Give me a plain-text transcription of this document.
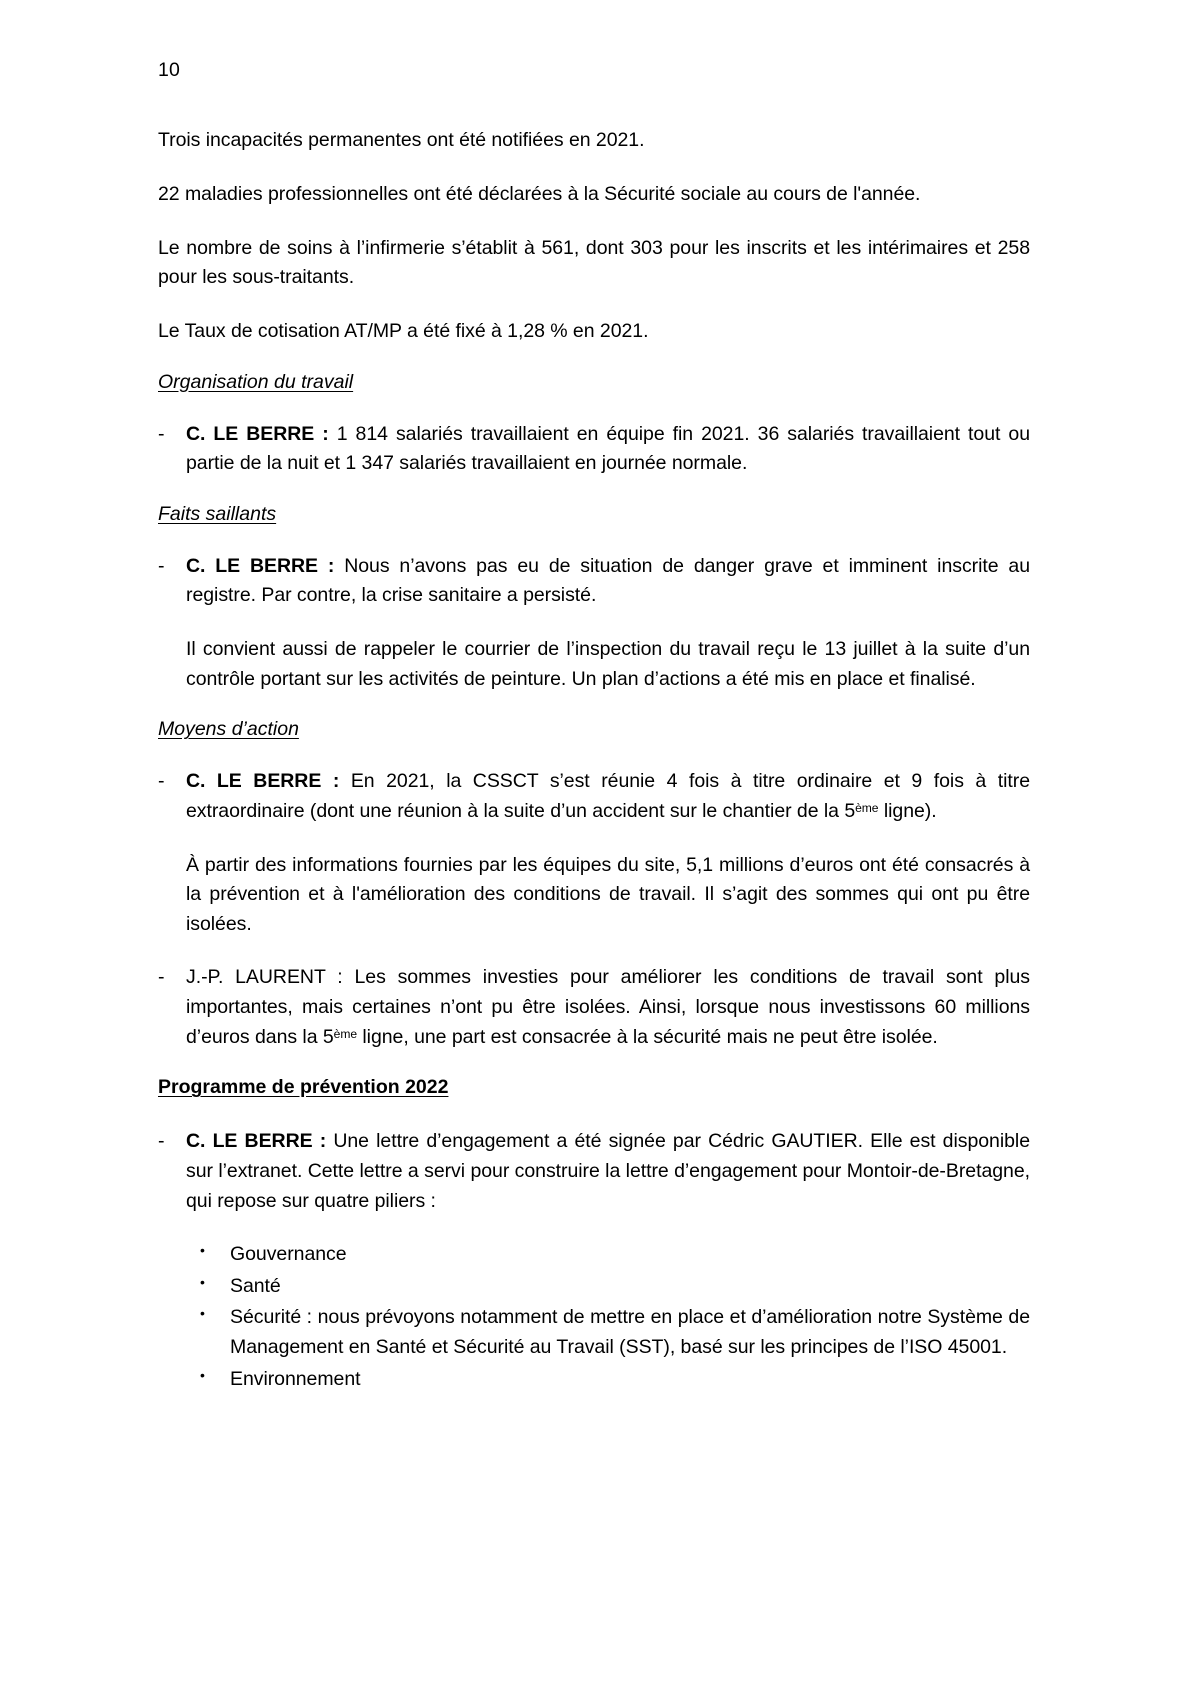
10

Trois incapacités permanentes ont été notifiées en 2021.

22 maladies professionnelles ont été déclarées à la Sécurité sociale au cours de l'année.

Le nombre de soins à l’infirmerie s’établit à 561, dont 303 pour les inscrits et les intérimaires et 258 pour les sous-traitants.

Le Taux de cotisation AT/MP a été fixé à 1,28 % en 2021.

Organisation du travail
- C. LE BERRE : 1 814 salariés travaillaient en équipe fin 2021. 36 salariés travaillaient tout ou partie de la nuit et 1 347 salariés travaillaient en journée normale.
Faits saillants
- C. LE BERRE : Nous n’avons pas eu de situation de danger grave et imminent inscrite au registre. Par contre, la crise sanitaire a persisté.

Il convient aussi de rappeler le courrier de l’inspection du travail reçu le 13 juillet à la suite d’un contrôle portant sur les activités de peinture. Un plan d’actions a été mis en place et finalisé.

Moyens d’action
- C. LE BERRE : En 2021, la CSSCT s’est réunie 4 fois à titre ordinaire et 9 fois à titre extraordinaire (dont une réunion à la suite d’un accident sur le chantier de la 5ème ligne).

À partir des informations fournies par les équipes du site, 5,1 millions d’euros ont été consacrés à la prévention et à l'amélioration des conditions de travail. Il s’agit des sommes qui ont pu être isolées.

- J.-P. LAURENT : Les sommes investies pour améliorer les conditions de travail sont plus importantes, mais certaines n’ont pu être isolées. Ainsi, lorsque nous investissons 60 millions d’euros dans la 5ème ligne, une part est consacrée à la sécurité mais ne peut être isolée.
Programme de prévention 2022
- C. LE BERRE : Une lettre d’engagement a été signée par Cédric GAUTIER. Elle est disponible sur l’extranet. Cette lettre a servi pour construire la lettre d’engagement pour Montoir-de-Bretagne, qui repose sur quatre piliers :
• Gouvernance
• Santé
• Sécurité : nous prévoyons notamment de mettre en place et d’amélioration notre Système de Management en Santé et Sécurité au Travail (SST), basé sur les principes de l’ISO 45001.
• Environnement
